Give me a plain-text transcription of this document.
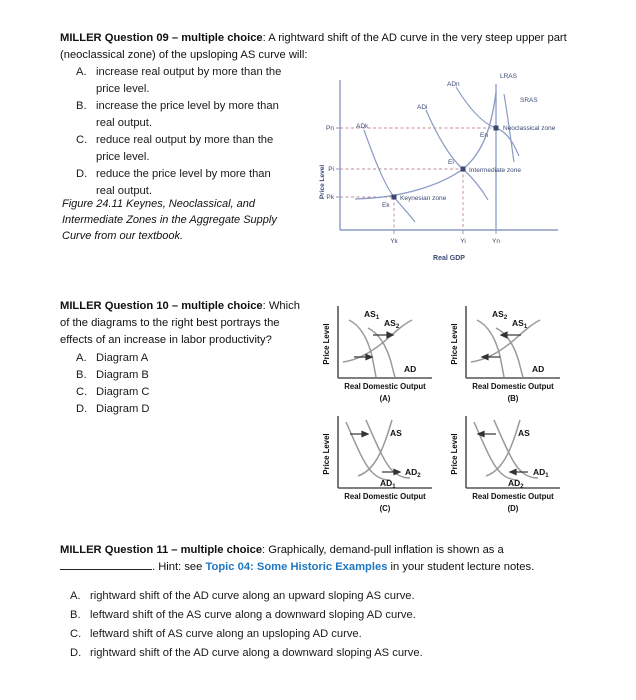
MILLER Question 09 – multiple choice: A rightward shift of the AD curve in the very steep upper part
(neoclassical zone) of the upsloping AS curve will:
A. increase real output by more than the
price level.
B. increase the price level by more than
real output.
C. reduce real output by more than the
price level.
D. reduce the price level by more than
real output.
Figure 24.11 Keynes, Neoclassical, and
Intermediate Zones in the Aggregate Supply
Curve from our textbook.
Pn
Pi
Pk
Yk	Yi	Yn
LRAS
SRAS
ADn
ADi
ADk
En
Ei
Ek
Neoclassical zone
Intermediate zone
Keynesian zone
Real GDP
Price Level
MILLER Question 10 – multiple choice: Which
of the diagrams to the right best portrays the
effects of an increase in labor productivity?
A. Diagram A
B. Diagram B
C. Diagram C
D. Diagram D
$AS_1$ $AS_2$
AD
Real Domestic Output
(A)
Price Level
$AS_2$ $AS_1$
AD
Real Domestic Output
(B)
Price Level
AS
$AD_1$
$AD_2$
Real Domestic Output
(C)
Price Level
AS
$AD_2$
$AD_1$
Real Domestic Output
(D)
Price Level
MILLER Question 11 – multiple choice: Graphically, demand-pull inflation is shown as a
. Hint: see Topic 04: Some Historic Examples in your student lecture notes.
A. rightward shift of the AD curve along an upward sloping AS curve.
B. leftward shift of the AS curve along a downward sloping AD curve.
C. leftward shift of AS curve along an upsloping AD curve.
D. rightward shift of the AD curve along a downward sloping AS curve.
